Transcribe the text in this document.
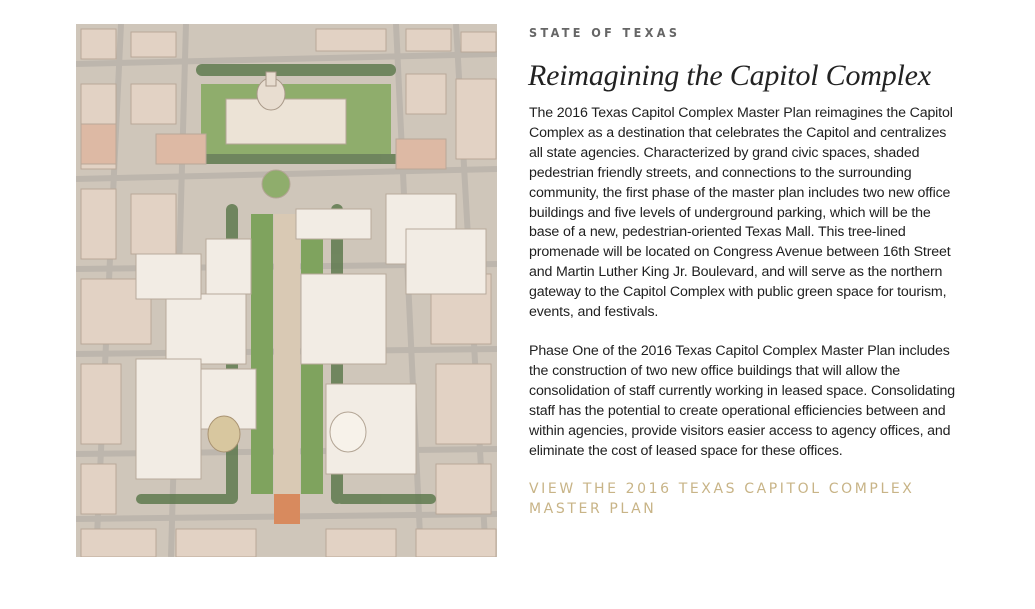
STATE OF TEXAS
Reimagining the Capitol Complex

The 2016 Texas Capitol Complex Master Plan reimagines the Capitol Complex as a destination that celebrates the Capitol and centralizes all state agencies. Characterized by grand civic spaces, shaded pedestrian friendly streets, and connections to the surrounding community, the first phase of the master plan includes two new office buildings and five levels of underground parking, which will be the base of a new, pedestrian-oriented Texas Mall. This tree-lined promenade will be located on Congress Avenue between 16th Street and Martin Luther King Jr. Boulevard, and will serve as the northern gateway to the Capitol Complex with public green space for tourism, events, and festivals.

Phase One of the 2016 Texas Capitol Complex Master Plan includes the construction of two new office buildings that will allow the consolidation of staff currently working in leased space. Consolidating staff has the potential to create operational efficiencies between and within agencies, provide visitors easier access to agency offices, and eliminate the cost of leased space for these offices.

VIEW THE 2016 TEXAS CAPITOL COMPLEX MASTER PLAN
